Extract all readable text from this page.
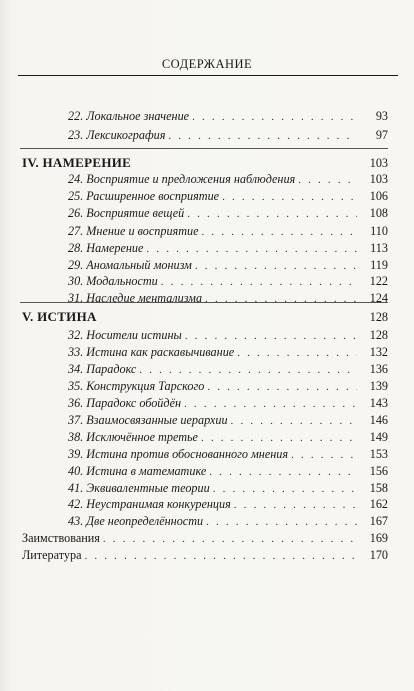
СОДЕРЖАНИЕ
22. Локальное значение . . .	93
23. Лексикография . . .	97
IV. НАМЕРЕНИЕ	103
24. Восприятие и предложения наблюдения . . .	103
25. Расширенное восприятие . . .	106
26. Восприятие вещей . . .	108
27. Мнение и восприятие . . .	110
28. Намерение . . .	113
29. Аномальный монизм . . .	119
30. Модальности . . .	122
31. Наследие ментализма . . .	124
V. ИСТИНА	128
32. Носители истины . . .	128
33. Истина как раскавычивание . . .	132
34. Парадокс . . .	136
35. Конструкция Тарского . . .	139
36. Парадокс обойдён . . .	143
37. Взаимосвязанные иерархии . . .	146
38. Исключённое третье . . .	149
39. Истина против обоснованного мнения . . .	153
40. Истина в математике . . .	156
41. Эквивалентные теории . . .	158
42. Неустранимая конкуренция . . .	162
43. Две неопределённости . . .	167
Заимствования . . .	169
Литература . . .	170
